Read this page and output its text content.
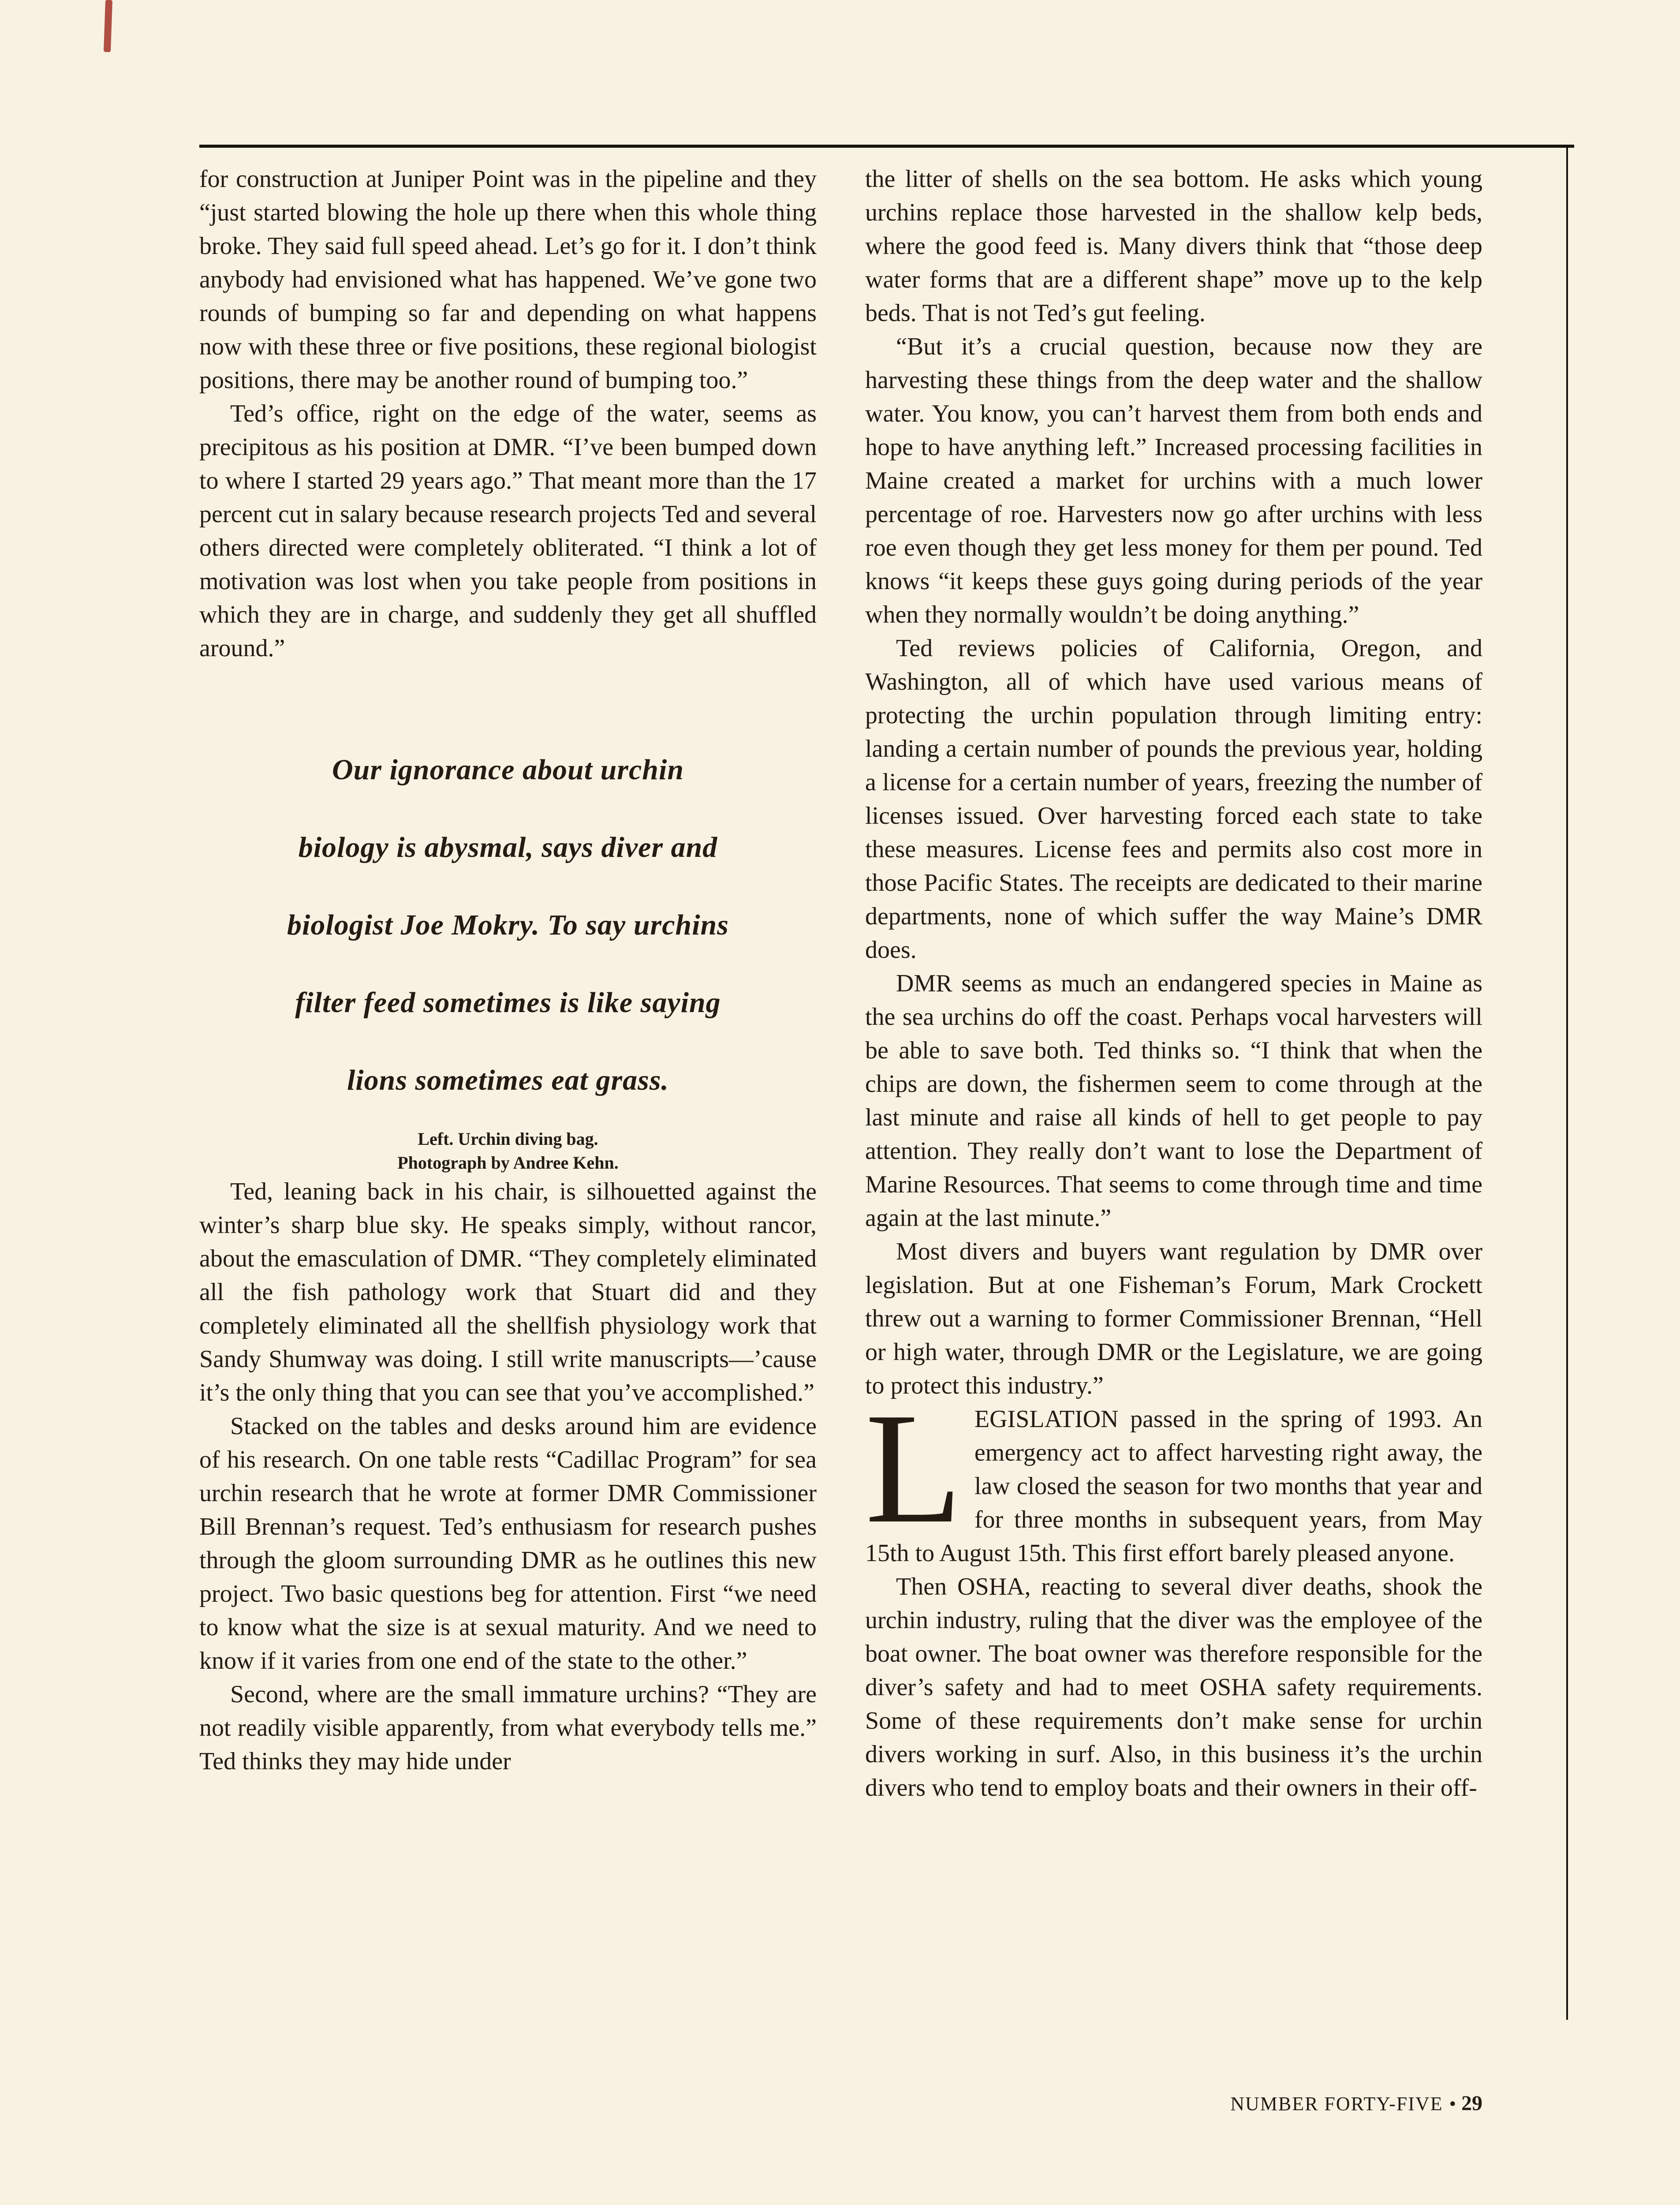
for construction at Juniper Point was in the pipeline and they “just started blowing the hole up there when this whole thing broke. They said full speed ahead. Let’s go for it. I don’t think anybody had envisioned what has happened. We’ve gone two rounds of bumping so far and depending on what happens now with these three or five positions, these regional biologist positions, there may be another round of bumping too.”

Ted’s office, right on the edge of the water, seems as precipitous as his position at DMR. “I’ve been bumped down to where I started 29 years ago.” That meant more than the 17 percent cut in salary because research projects Ted and several others directed were completely obliterated. “I think a lot of motivation was lost when you take people from positions in which they are in charge, and suddenly they get all shuffled around.”

Our ignorance about urchin
biology is abysmal, says diver and
biologist Joe Mokry. To say urchins
filter feed sometimes is like saying
lions sometimes eat grass.
Left. Urchin diving bag.
Photograph by Andree Kehn.

Ted, leaning back in his chair, is silhouetted against the winter’s sharp blue sky. He speaks simply, without rancor, about the emasculation of DMR. “They completely eliminated all the fish pathology work that Stuart did and they completely eliminated all the shellfish physiology work that Sandy Shumway was doing. I still write manuscripts—’cause it’s the only thing that you can see that you’ve accomplished.”

Stacked on the tables and desks around him are evidence of his research. On one table rests “Cadillac Program” for sea urchin research that he wrote at former DMR Commissioner Bill Brennan’s request. Ted’s enthusiasm for research pushes through the gloom surrounding DMR as he outlines this new project. Two basic questions beg for attention. First “we need to know what the size is at sexual maturity. And we need to know if it varies from one end of the state to the other.”

Second, where are the small immature urchins? “They are not readily visible apparently, from what everybody tells me.” Ted thinks they may hide under

the litter of shells on the sea bottom. He asks which young urchins replace those harvested in the shallow kelp beds, where the good feed is. Many divers think that “those deep water forms that are a different shape” move up to the kelp beds. That is not Ted’s gut feeling.

“But it’s a crucial question, because now they are harvesting these things from the deep water and the shallow water. You know, you can’t harvest them from both ends and hope to have anything left.” Increased processing facilities in Maine created a market for urchins with a much lower percentage of roe. Harvesters now go after urchins with less roe even though they get less money for them per pound. Ted knows “it keeps these guys going during periods of the year when they normally wouldn’t be doing anything.”

Ted reviews policies of California, Oregon, and Washington, all of which have used various means of protecting the urchin population through limiting entry: landing a certain number of pounds the previous year, holding a license for a certain number of years, freezing the number of licenses issued. Over harvesting forced each state to take these measures. License fees and permits also cost more in those Pacific States. The receipts are dedicated to their marine departments, none of which suffer the way Maine’s DMR does.

DMR seems as much an endangered species in Maine as the sea urchins do off the coast. Perhaps vocal harvesters will be able to save both. Ted thinks so. “I think that when the chips are down, the fishermen seem to come through at the last minute and raise all kinds of hell to get people to pay attention. They really don’t want to lose the Department of Marine Resources. That seems to come through time and time again at the last minute.”

Most divers and buyers want regulation by DMR over legislation. But at one Fisheman’s Forum, Mark Crockett threw out a warning to former Commissioner Brennan, “Hell or high water, through DMR or the Legislature, we are going to protect this industry.”

LEGISLATION passed in the spring of 1993. An emergency act to affect harvesting right away, the law closed the season for two months that year and for three months in subsequent years, from May 15th to August 15th. This first effort barely pleased anyone.

Then OSHA, reacting to several diver deaths, shook the urchin industry, ruling that the diver was the employee of the boat owner. The boat owner was therefore responsible for the diver’s safety and had to meet OSHA safety requirements. Some of these requirements don’t make sense for urchin divers working in surf. Also, in this business it’s the urchin divers who tend to employ boats and their owners in their off-

NUMBER FORTY-FIVE • 29
